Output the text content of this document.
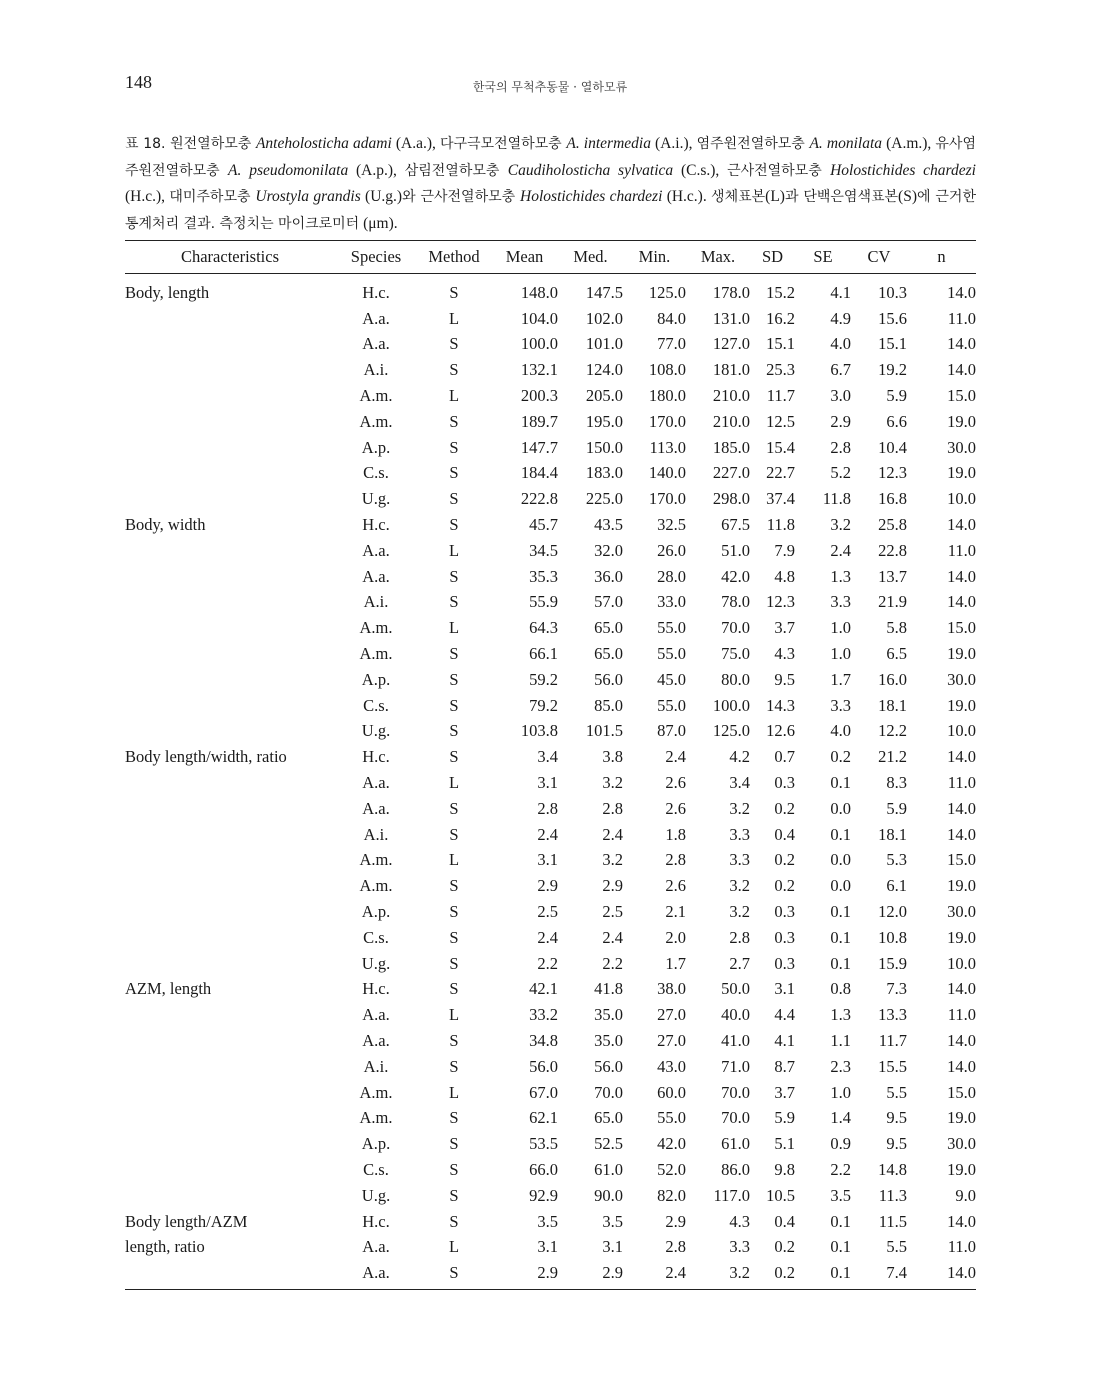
148	한국의 무척추동물 · 열하모류
표 18. 원전열하모충 Anteholosticha adami (A.a.), 다구극모전열하모충 A. intermedia (A.i.), 염주원전열하모충 A. monilata (A.m.), 유사염주원전열하모충 A. pseudomonilata (A.p.), 삼림전열하모충 Caudiholosticha sylvatica (C.s.), 근사전열하모충 Holostichides chardezi (H.c.), 대미주하모충 Urostyla grandis (U.g.)와 근사전열하모충 Holostichides chardezi (H.c.). 생체표본(L)과 단백은염색표본(S)에 근거한 통계처리 결과. 측정치는 마이크로미터 (μm).
Characteristics	Species	Method	Mean	Med.	Min.	Max.	SD	SE	CV	n
Body, length	H.c.	S	148.0	147.5	125.0	178.0	15.2	4.1	10.3	14.0
	A.a.	L	104.0	102.0	84.0	131.0	16.2	4.9	15.6	11.0
	A.a.	S	100.0	101.0	77.0	127.0	15.1	4.0	15.1	14.0
	A.i.	S	132.1	124.0	108.0	181.0	25.3	6.7	19.2	14.0
	A.m.	L	200.3	205.0	180.0	210.0	11.7	3.0	5.9	15.0
	A.m.	S	189.7	195.0	170.0	210.0	12.5	2.9	6.6	19.0
	A.p.	S	147.7	150.0	113.0	185.0	15.4	2.8	10.4	30.0
	C.s.	S	184.4	183.0	140.0	227.0	22.7	5.2	12.3	19.0
	U.g.	S	222.8	225.0	170.0	298.0	37.4	11.8	16.8	10.0
Body, width	H.c.	S	45.7	43.5	32.5	67.5	11.8	3.2	25.8	14.0
	A.a.	L	34.5	32.0	26.0	51.0	7.9	2.4	22.8	11.0
	A.a.	S	35.3	36.0	28.0	42.0	4.8	1.3	13.7	14.0
	A.i.	S	55.9	57.0	33.0	78.0	12.3	3.3	21.9	14.0
	A.m.	L	64.3	65.0	55.0	70.0	3.7	1.0	5.8	15.0
	A.m.	S	66.1	65.0	55.0	75.0	4.3	1.0	6.5	19.0
	A.p.	S	59.2	56.0	45.0	80.0	9.5	1.7	16.0	30.0
	C.s.	S	79.2	85.0	55.0	100.0	14.3	3.3	18.1	19.0
	U.g.	S	103.8	101.5	87.0	125.0	12.6	4.0	12.2	10.0
Body length/width, ratio	H.c.	S	3.4	3.8	2.4	4.2	0.7	0.2	21.2	14.0
	A.a.	L	3.1	3.2	2.6	3.4	0.3	0.1	8.3	11.0
	A.a.	S	2.8	2.8	2.6	3.2	0.2	0.0	5.9	14.0
	A.i.	S	2.4	2.4	1.8	3.3	0.4	0.1	18.1	14.0
	A.m.	L	3.1	3.2	2.8	3.3	0.2	0.0	5.3	15.0
	A.m.	S	2.9	2.9	2.6	3.2	0.2	0.0	6.1	19.0
	A.p.	S	2.5	2.5	2.1	3.2	0.3	0.1	12.0	30.0
	C.s.	S	2.4	2.4	2.0	2.8	0.3	0.1	10.8	19.0
	U.g.	S	2.2	2.2	1.7	2.7	0.3	0.1	15.9	10.0
AZM, length	H.c.	S	42.1	41.8	38.0	50.0	3.1	0.8	7.3	14.0
	A.a.	L	33.2	35.0	27.0	40.0	4.4	1.3	13.3	11.0
	A.a.	S	34.8	35.0	27.0	41.0	4.1	1.1	11.7	14.0
	A.i.	S	56.0	56.0	43.0	71.0	8.7	2.3	15.5	14.0
	A.m.	L	67.0	70.0	60.0	70.0	3.7	1.0	5.5	15.0
	A.m.	S	62.1	65.0	55.0	70.0	5.9	1.4	9.5	19.0
	A.p.	S	53.5	52.5	42.0	61.0	5.1	0.9	9.5	30.0
	C.s.	S	66.0	61.0	52.0	86.0	9.8	2.2	14.8	19.0
	U.g.	S	92.9	90.0	82.0	117.0	10.5	3.5	11.3	9.0
Body length/AZM	H.c.	S	3.5	3.5	2.9	4.3	0.4	0.1	11.5	14.0
length, ratio	A.a.	L	3.1	3.1	2.8	3.3	0.2	0.1	5.5	11.0
	A.a.	S	2.9	2.9	2.4	3.2	0.2	0.1	7.4	14.0
